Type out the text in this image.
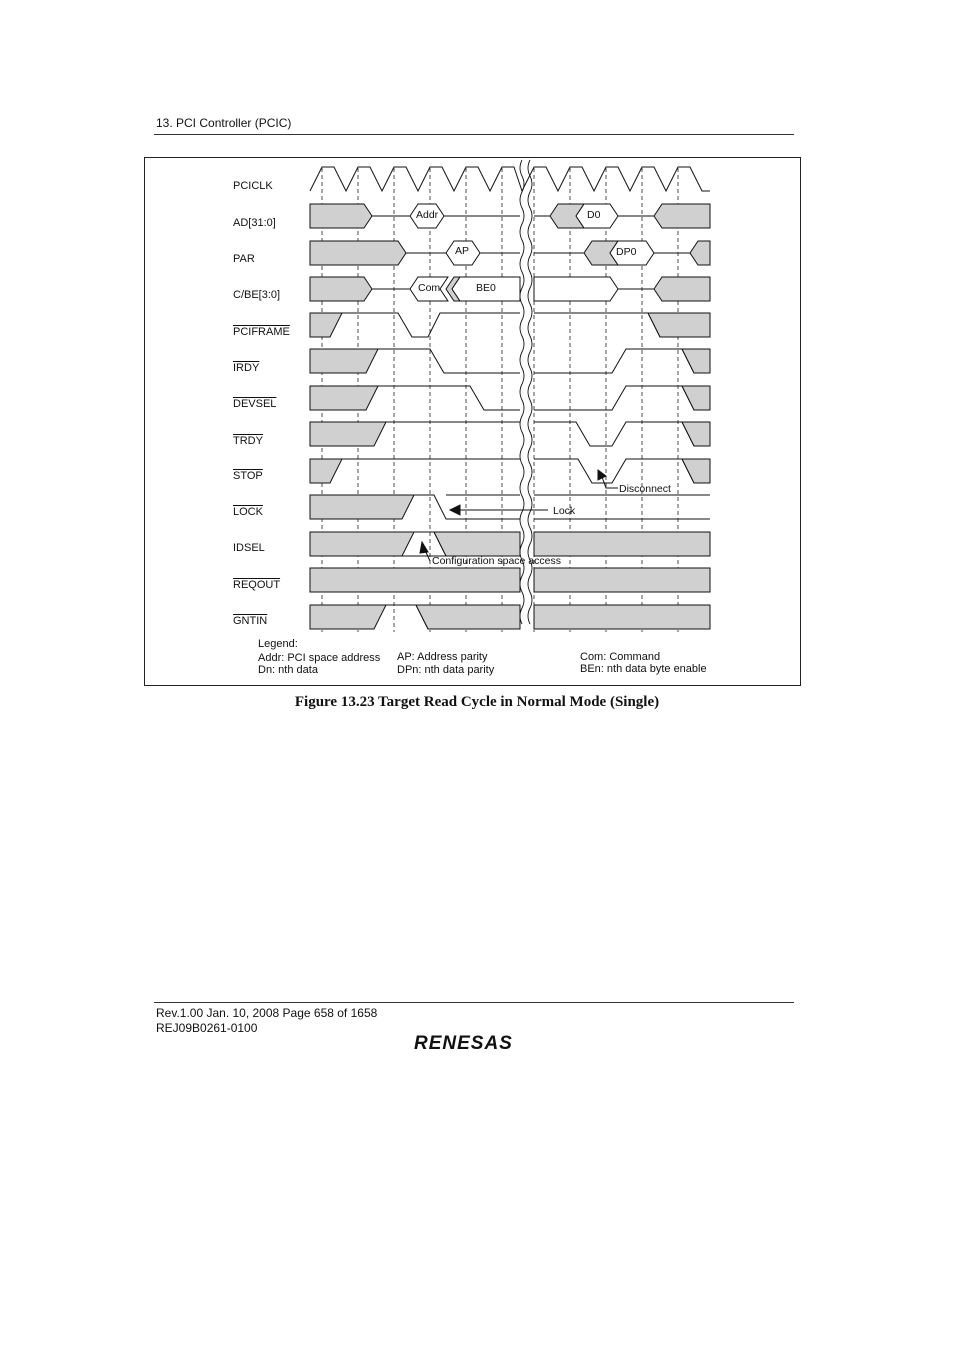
13. PCI Controller (PCIC)
PCICLK
AD[31:0]
PAR
C/BE[3:0]
PCIFRAME
IRDY
DEVSEL
TRDY
STOP
LOCK
IDSEL
REQOUT
GNTIN
Addr	D0
AP	DP0
Com	BE0
Disconnect
Lock
Configuration space access
Legend:
Addr: PCI space address
Dn: nth data
AP: Address parity
DPn: nth data parity
Com: Command
BEn: nth data byte enable
Figure 13.23 Target Read Cycle in Normal Mode (Single)
Rev.1.00 Jan. 10, 2008 Page 658 of 1658
REJ09B0261-0100
RENESAS
